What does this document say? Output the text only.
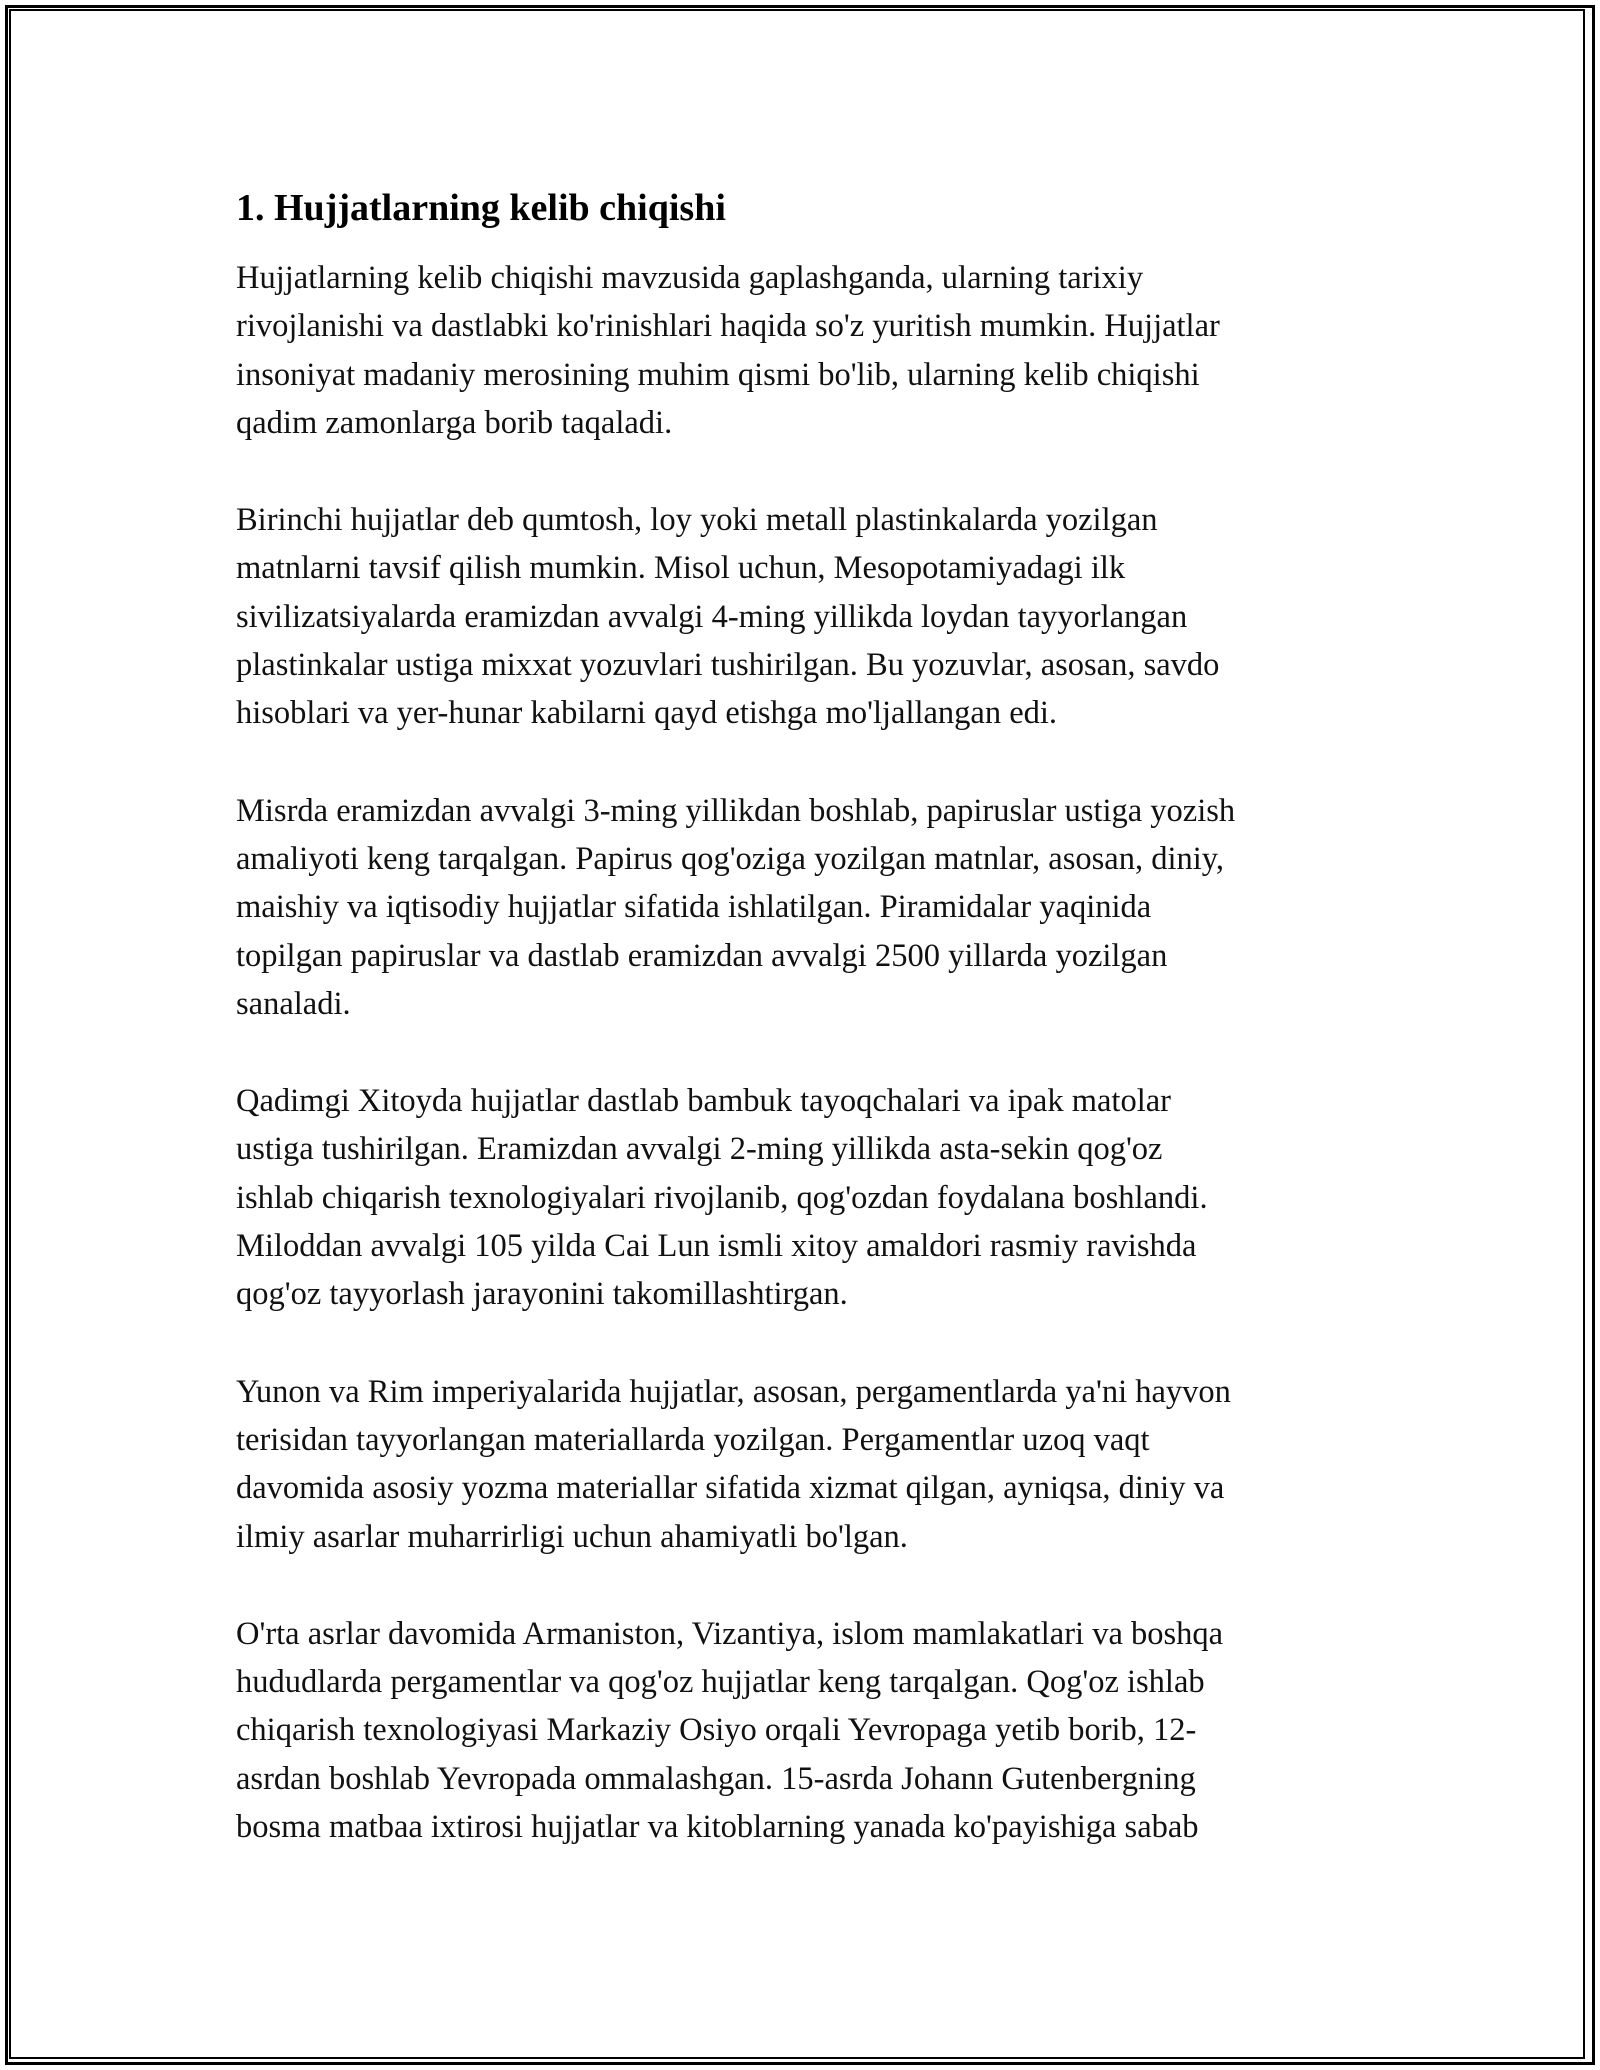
1. Hujjatlarning kelib chiqishi

Hujjatlarning kelib chiqishi mavzusida gaplashganda, ularning tarixiy
rivojlanishi va dastlabki ko'rinishlari haqida so'z yuritish mumkin. Hujjatlar
insoniyat madaniy merosining muhim qismi bo'lib, ularning kelib chiqishi
qadim zamonlarga borib taqaladi.

Birinchi hujjatlar deb qumtosh, loy yoki metall plastinkalarda yozilgan
matnlarni tavsif qilish mumkin. Misol uchun, Mesopotamiyadagi ilk
sivilizatsiyalarda eramizdan avvalgi 4-ming yillikda loydan tayyorlangan
plastinkalar ustiga mixxat yozuvlari tushirilgan. Bu yozuvlar, asosan, savdo
hisoblari va yer-hunar kabilarni qayd etishga mo'ljallangan edi.

Misrda eramizdan avvalgi 3-ming yillikdan boshlab, papiruslar ustiga yozish
amaliyoti keng tarqalgan. Papirus qog'oziga yozilgan matnlar, asosan, diniy,
maishiy va iqtisodiy hujjatlar sifatida ishlatilgan. Piramidalar yaqinida
topilgan papiruslar va dastlab eramizdan avvalgi 2500 yillarda yozilgan
sanaladi.

Qadimgi Xitoyda hujjatlar dastlab bambuk tayoqchalari va ipak matolar
ustiga tushirilgan. Eramizdan avvalgi 2-ming yillikda asta-sekin qog'oz
ishlab chiqarish texnologiyalari rivojlanib, qog'ozdan foydalana boshlandi.
Miloddan avvalgi 105 yilda Cai Lun ismli xitoy amaldori rasmiy ravishda
qog'oz tayyorlash jarayonini takomillashtirgan.

Yunon va Rim imperiyalarida hujjatlar, asosan, pergamentlarda ya'ni hayvon
terisidan tayyorlangan materiallarda yozilgan. Pergamentlar uzoq vaqt
davomida asosiy yozma materiallar sifatida xizmat qilgan, ayniqsa, diniy va
ilmiy asarlar muharrirligi uchun ahamiyatli bo'lgan.

O'rta asrlar davomida Armaniston, Vizantiya, islom mamlakatlari va boshqa
hududlarda pergamentlar va qog'oz hujjatlar keng tarqalgan. Qog'oz ishlab
chiqarish texnologiyasi Markaziy Osiyo orqali Yevropaga yetib borib, 12-
asrdan boshlab Yevropada ommalashgan. 15-asrda Johann Gutenbergning
bosma matbaa ixtirosi hujjatlar va kitoblarning yanada ko'payishiga sabab
